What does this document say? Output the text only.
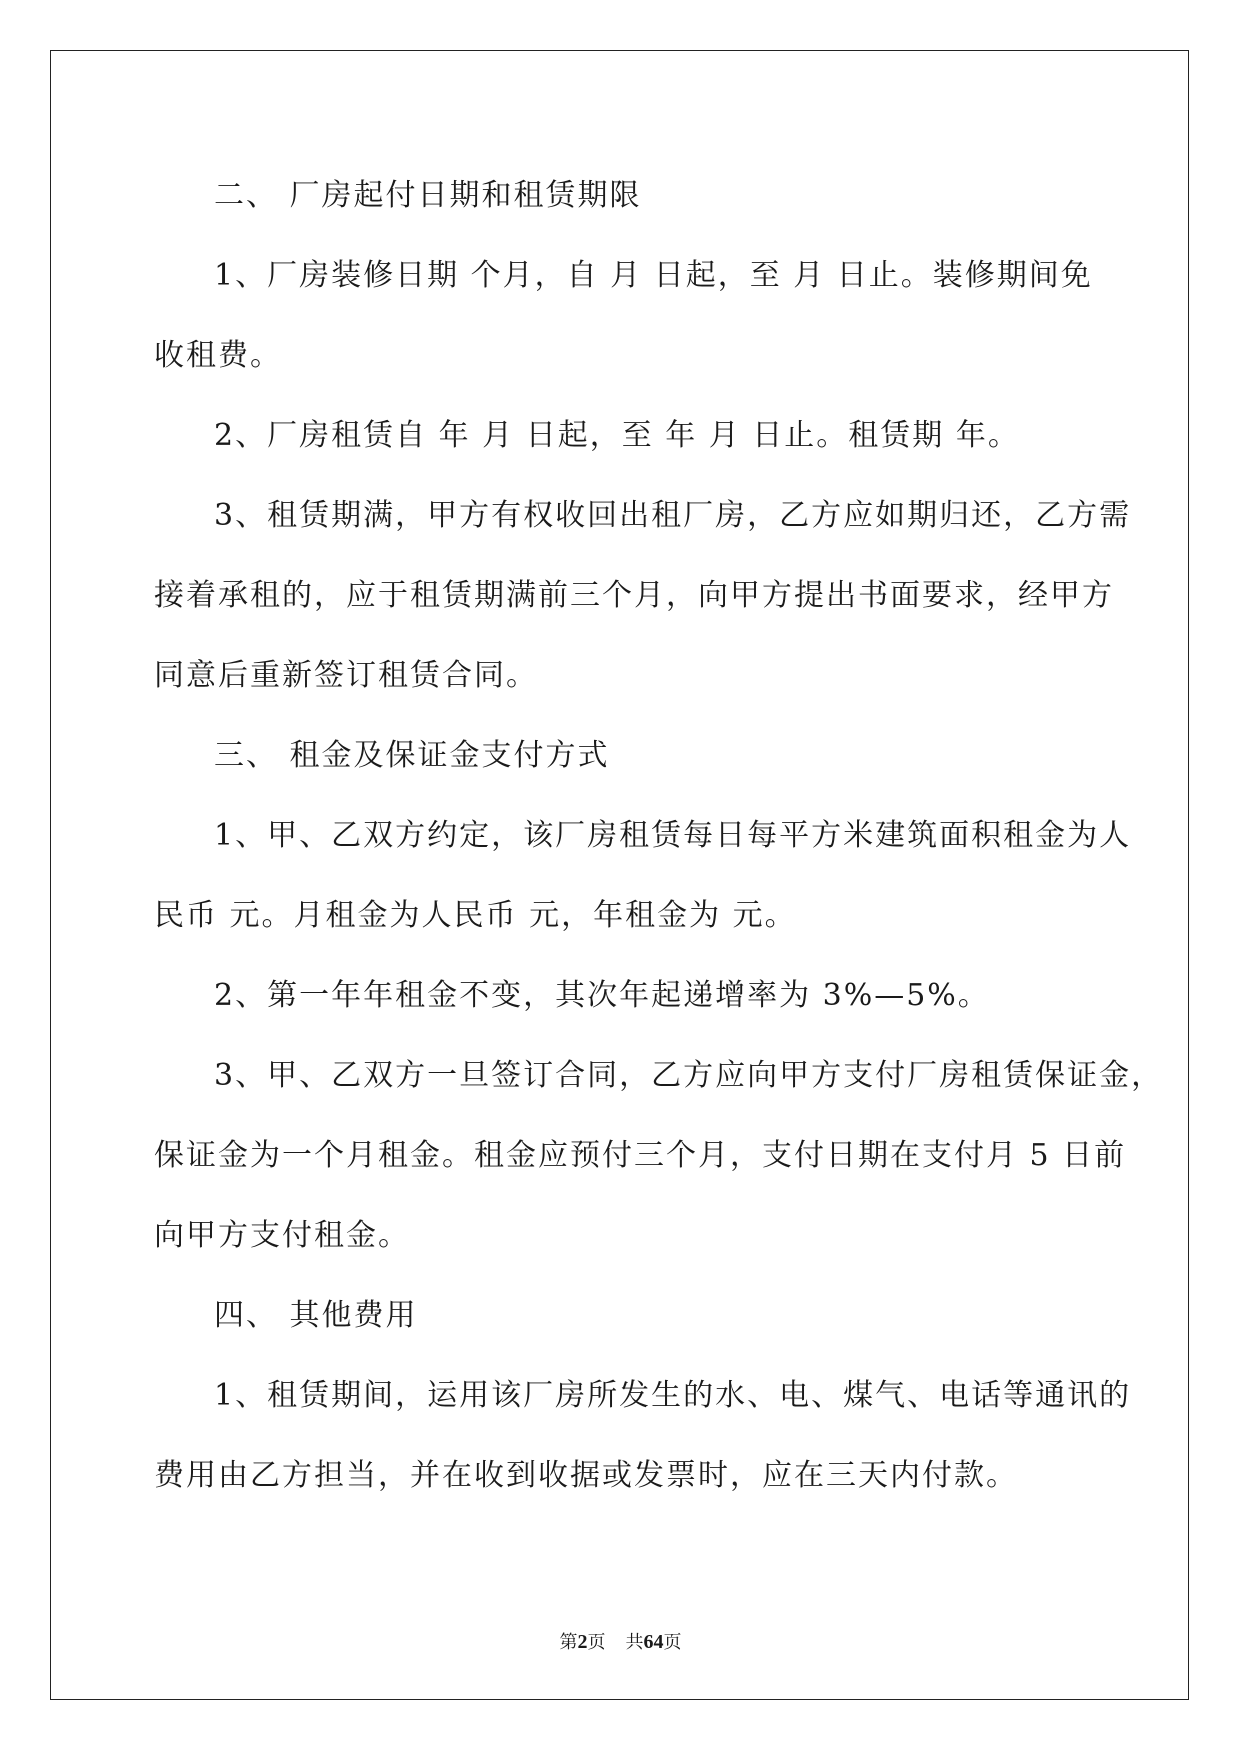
二、 厂房起付日期和租赁期限
1、厂房装修日期 个月，自 月 日起，至 月 日止。装修期间免
收租费。
2、厂房租赁自 年 月 日起，至 年 月 日止。租赁期 年。
3、租赁期满，甲方有权收回出租厂房，乙方应如期归还，乙方需
接着承租的，应于租赁期满前三个月，向甲方提出书面要求，经甲方
同意后重新签订租赁合同。
三、 租金及保证金支付方式
1、甲、乙双方约定，该厂房租赁每日每平方米建筑面积租金为人
民币 元。月租金为人民币 元，年租金为 元。
2、第一年年租金不变，其次年起递增率为 3%—5%。
3、甲、乙双方一旦签订合同，乙方应向甲方支付厂房租赁保证金，
保证金为一个月租金。租金应预付三个月，支付日期在支付月 5 日前
向甲方支付租金。
四、 其他费用
1、租赁期间，运用该厂房所发生的水、电、煤气、电话等通讯的
费用由乙方担当，并在收到收据或发票时，应在三天内付款。
第2页 共64页
